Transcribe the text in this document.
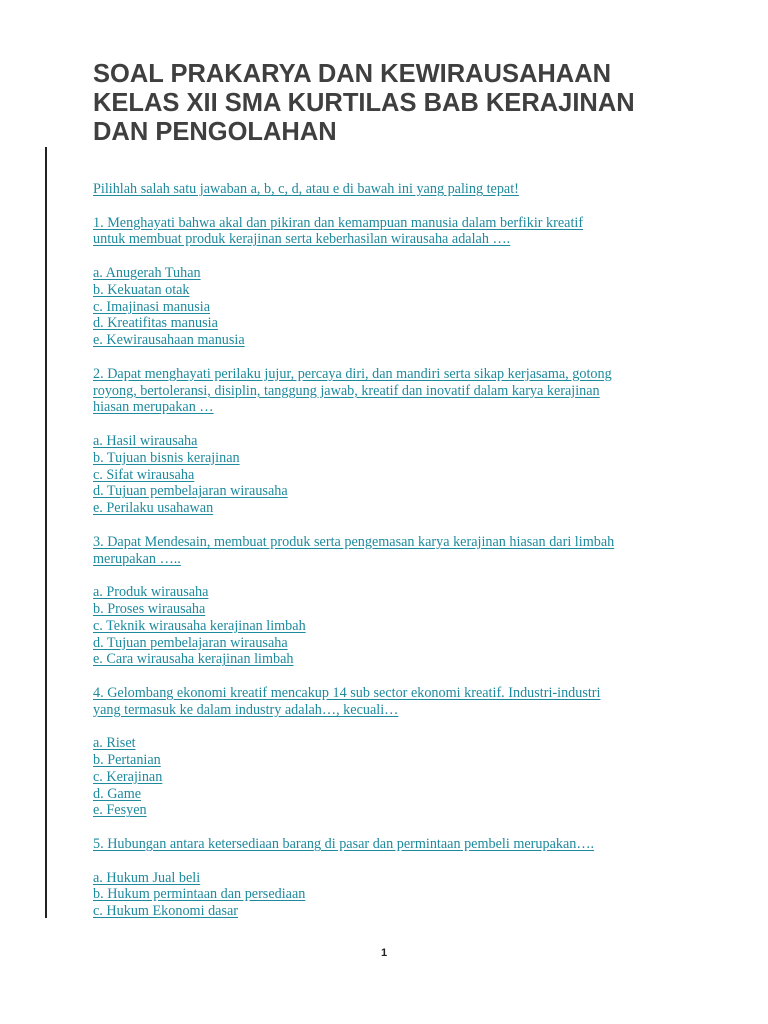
SOAL PRAKARYA DAN KEWIRAUSAHAAN
KELAS XII SMA KURTILAS BAB KERAJINAN
DAN PENGOLAHAN
Pilihlah salah satu jawaban a, b, c, d, atau e di bawah ini yang paling tepat!
1. Menghayati bahwa akal dan pikiran dan kemampuan manusia dalam berfikir kreatif
untuk membuat produk kerajinan serta keberhasilan wirausaha adalah ….
a. Anugerah Tuhan
b. Kekuatan otak
c. Imajinasi manusia
d. Kreatifitas manusia
e. Kewirausahaan manusia
2. Dapat menghayati perilaku jujur, percaya diri, dan mandiri serta sikap kerjasama, gotong
royong, bertoleransi, disiplin, tanggung jawab, kreatif dan inovatif dalam karya kerajinan
hiasan merupakan …
a. Hasil wirausaha
b. Tujuan bisnis kerajinan
c. Sifat wirausaha
d. Tujuan pembelajaran wirausaha
e. Perilaku usahawan
3. Dapat Mendesain, membuat produk serta pengemasan karya kerajinan hiasan dari limbah
merupakan …..
a. Produk wirausaha
b. Proses wirausaha
c. Teknik wirausaha kerajinan limbah
d. Tujuan pembelajaran wirausaha
e. Cara wirausaha kerajinan limbah
4. Gelombang ekonomi kreatif mencakup 14 sub sector ekonomi kreatif. Industri-industri
yang termasuk ke dalam industry adalah…, kecuali…
a. Riset
b. Pertanian
c. Kerajinan
d. Game
e. Fesyen
5. Hubungan antara ketersediaan barang di pasar dan permintaan pembeli merupakan….
a. Hukum Jual beli
b. Hukum permintaan dan persediaan
c. Hukum Ekonomi dasar
1
